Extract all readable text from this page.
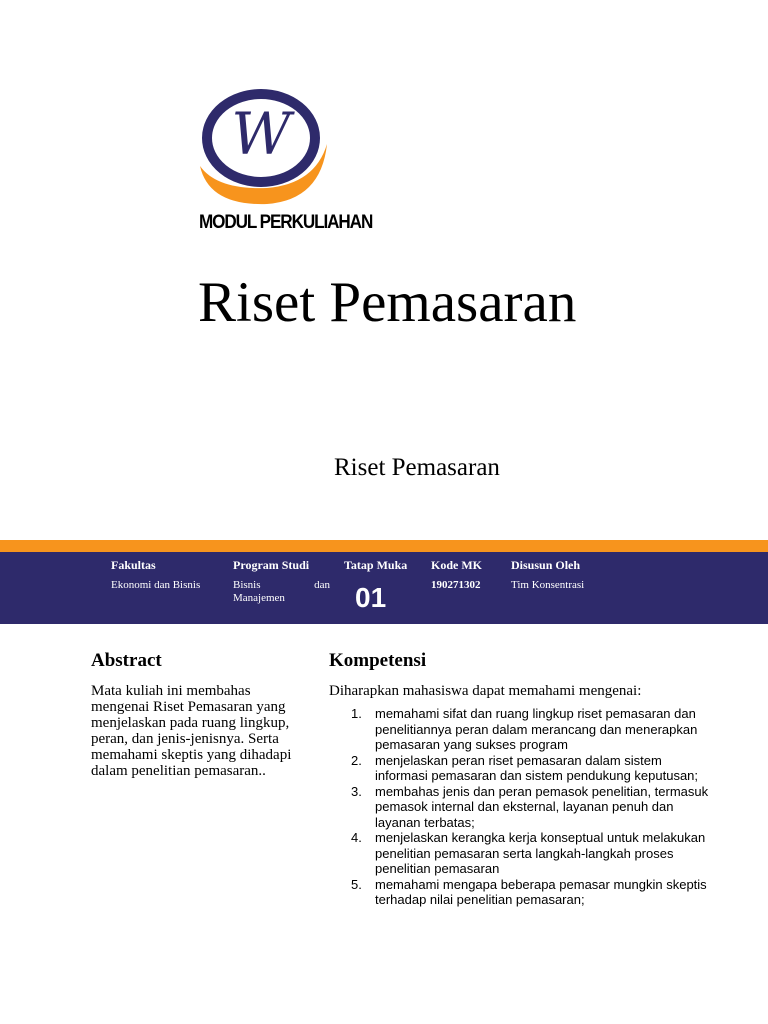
W
MODUL PERKULIAHAN
Riset Pemasaran
Riset Pemasaran
Fakultas
Ekonomi dan Bisnis
Program Studi
Bisnis dan
Manajemen
Tatap Muka
01
Kode MK
190271302
Disusun Oleh
Tim Konsentrasi
Abstract
Mata kuliah ini membahas mengenai Riset Pemasaran yang menjelaskan pada ruang lingkup, peran, dan jenis-jenisnya. Serta memahami skeptis yang dihadapi dalam penelitian pemasaran..
Kompetensi
Diharapkan mahasiswa dapat memahami mengenai:
1. memahami sifat dan ruang lingkup riset pemasaran dan penelitiannya peran dalam merancang dan menerapkan pemasaran yang sukses program
2. menjelaskan peran riset pemasaran dalam sistem informasi pemasaran dan sistem pendukung keputusan;
3. membahas jenis dan peran pemasok penelitian, termasuk pemasok internal dan eksternal, layanan penuh dan layanan terbatas;
4. menjelaskan kerangka kerja konseptual untuk melakukan penelitian pemasaran serta langkah-langkah proses penelitian pemasaran
5. memahami mengapa beberapa pemasar mungkin skeptis terhadap nilai penelitian pemasaran;
